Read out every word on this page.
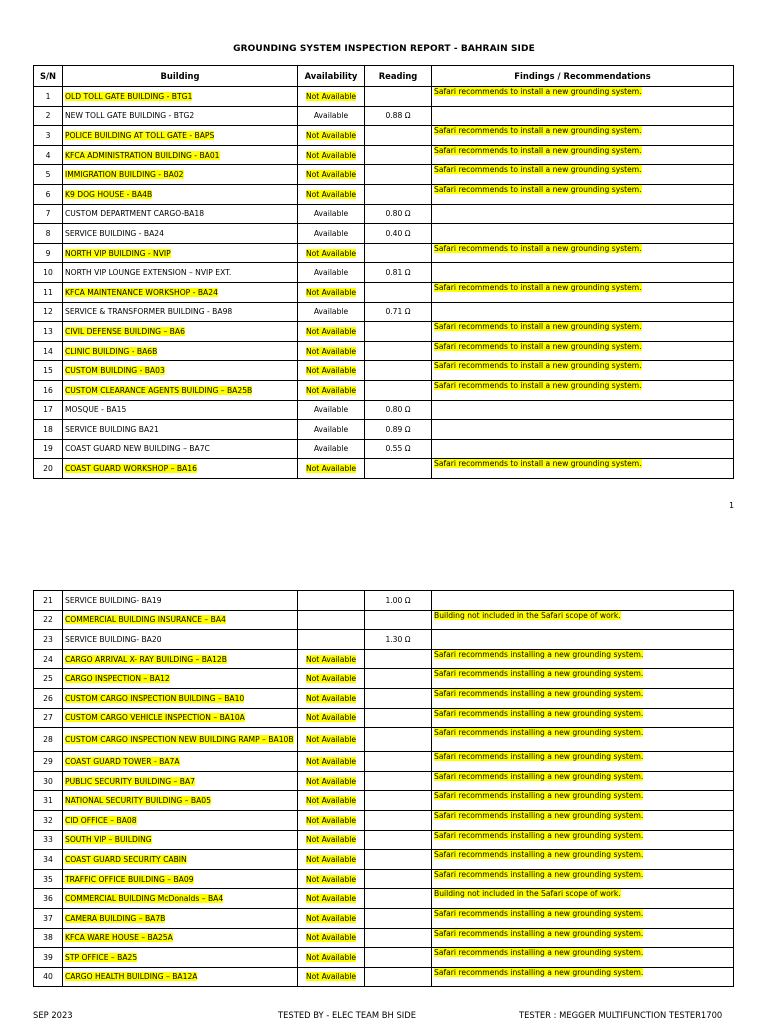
GROUNDING SYSTEM INSPECTION REPORT - BAHRAIN SIDE
S/N	Building	Availability	Reading	Findings / Recommendations
1	OLD TOLL GATE BUILDING - BTG1	Not Available		Safari recommends to install a new grounding system.
2	NEW TOLL GATE BUILDING - BTG2	Available	0.88 Ω	
3	POLICE BUILDING AT TOLL GATE - BAPS	Not Available		Safari recommends to install a new grounding system.
4	KFCA ADMINISTRATION BUILDING - BA01	Not Available		Safari recommends to install a new grounding system.
5	IMMIGRATION BUILDING - BA02	Not Available		Safari recommends to install a new grounding system.
6	K9 DOG HOUSE - BA4B	Not Available		Safari recommends to install a new grounding system.
7	CUSTOM DEPARTMENT CARGO-BA18	Available	0.80 Ω	
8	SERVICE BUILDING - BA24	Available	0.40 Ω	
9	NORTH VIP BUILDING - NVIP	Not Available		Safari recommends to install a new grounding system.
10	NORTH VIP LOUNGE EXTENSION – NVIP EXT.	Available	0.81 Ω	
11	KFCA MAINTENANCE WORKSHOP - BA24	Not Available		Safari recommends to install a new grounding system.
12	SERVICE & TRANSFORMER BUILDING - BA98	Available	0.71 Ω	
13	CIVIL DEFENSE BUILDING – BA6	Not Available		Safari recommends to install a new grounding system.
14	CLINIC BUILDING - BA6B	Not Available		Safari recommends to install a new grounding system.
15	CUSTOM BUILDING - BA03	Not Available		Safari recommends to install a new grounding system.
16	CUSTOM CLEARANCE AGENTS BUILDING – BA25B	Not Available		Safari recommends to install a new grounding system.
17	MOSQUE - BA15	Available	0.80 Ω	
18	SERVICE BUILDING BA21	Available	0.89 Ω	
19	COAST GUARD NEW BUILDING – BA7C	Available	0.55 Ω	
20	COAST GUARD WORKSHOP – BA16	Not Available		Safari recommends to install a new grounding system.
1
21	SERVICE BUILDING- BA19		1.00 Ω	
22	COMMERCIAL BUILDING INSURANCE – BA4			Building not included in the Safari scope of work.
23	SERVICE BUILDING- BA20		1.30 Ω	
24	CARGO ARRIVAL X- RAY BUILDING – BA12B	Not Available		Safari recommends installing a new grounding system.
25	CARGO INSPECTION – BA12	Not Available		Safari recommends installing a new grounding system.
26	CUSTOM CARGO INSPECTION BUILDING – BA10	Not Available		Safari recommends installing a new grounding system.
27	CUSTOM CARGO VEHICLE INSPECTION – BA10A	Not Available		Safari recommends installing a new grounding system.
28	CUSTOM CARGO INSPECTION NEW BUILDING RAMP – BA10B	Not Available		Safari recommends installing a new grounding system.
29	COAST GUARD TOWER - BA7A	Not Available		Safari recommends installing a new grounding system.
30	PUBLIC SECURITY BUILDING – BA7	Not Available		Safari recommends installing a new grounding system.
31	NATIONAL SECURITY BUILDING – BA05	Not Available		Safari recommends installing a new grounding system.
32	CID OFFICE – BA08	Not Available		Safari recommends installing a new grounding system.
33	SOUTH VIP – BUILDING	Not Available		Safari recommends installing a new grounding system.
34	COAST GUARD SECURITY CABIN	Not Available		Safari recommends installing a new grounding system.
35	TRAFFIC OFFICE BUILDING – BA09	Not Available		Safari recommends installing a new grounding system.
36	COMMERCIAL BUILDING McDonalds – BA4	Not Available		Building not included in the Safari scope of work.
37	CAMERA BUILDING – BA7B	Not Available		Safari recommends installing a new grounding system.
38	KFCA WARE HOUSE – BA25A	Not Available		Safari recommends installing a new grounding system.
39	STP OFFICE – BA25	Not Available		Safari recommends installing a new grounding system.
40	CARGO HEALTH BUILDING – BA12A	Not Available		Safari recommends installing a new grounding system.
SEP 2023	TESTED BY - ELEC TEAM BH SIDE	TESTER : MEGGER MULTIFUNCTION TESTER1700
